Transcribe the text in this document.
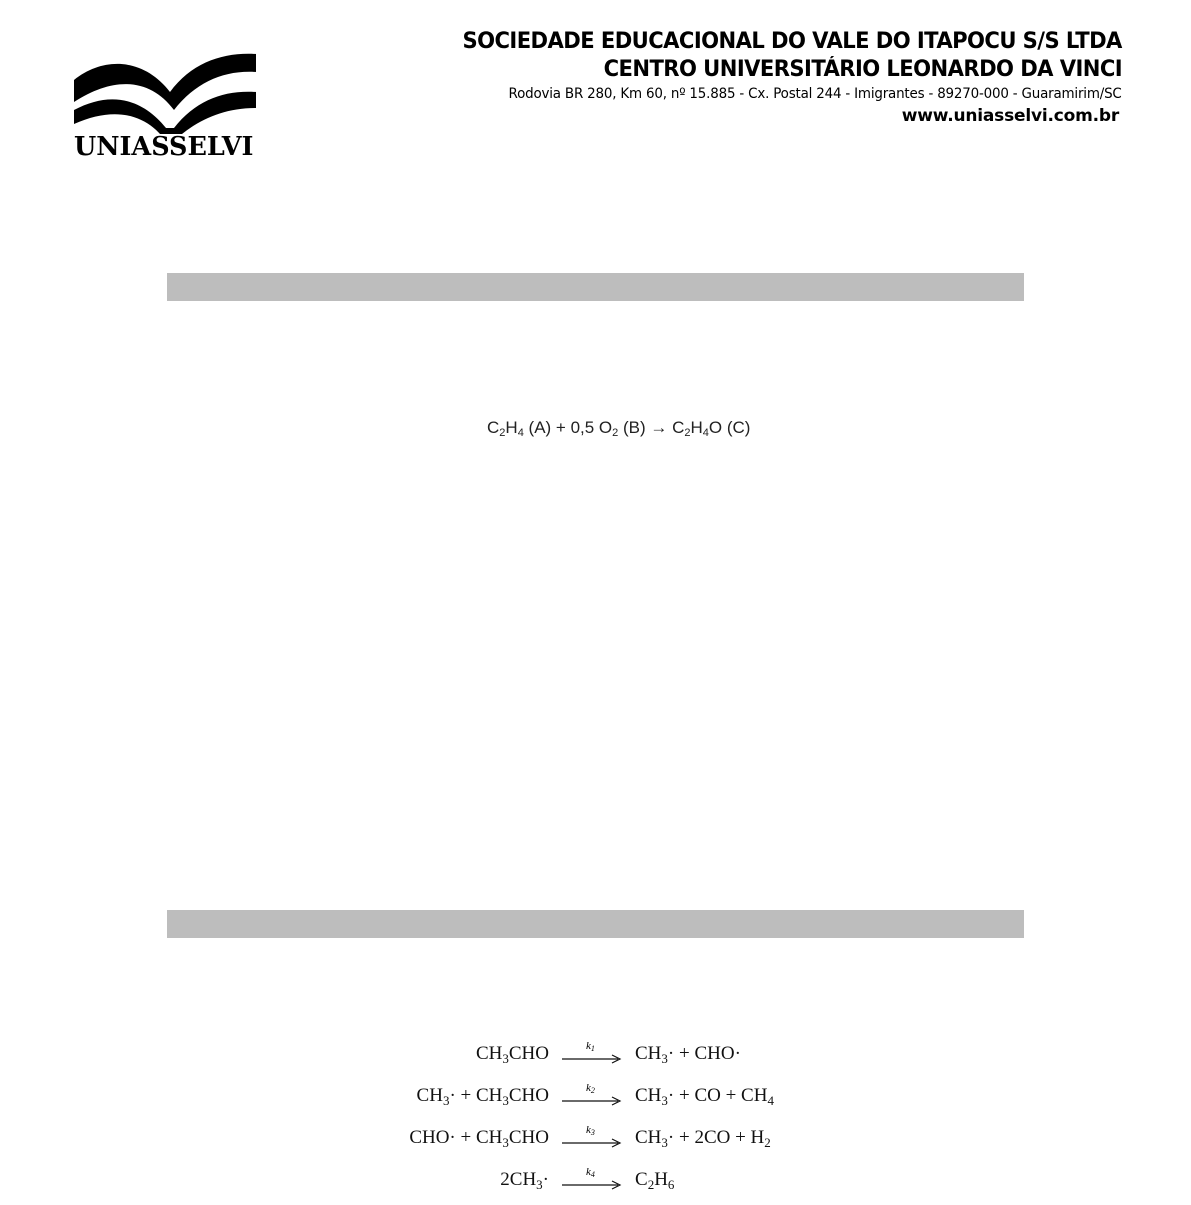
UNIASSELVI
SOCIEDADE EDUCACIONAL DO VALE DO ITAPOCU S/S LTDA
CENTRO UNIVERSITÁRIO LEONARDO DA VINCI
Rodovia BR 280, Km 60, nº 15.885 - Cx. Postal 244 - Imigrantes - 89270-000 - Guaramirim/SC
www.uniasselvi.com.br
$C_2H_4$ (A) + 0,5 $O_2$ $(B) \to C_2H_4O$ (C)
$CH_3CHO$	$k_1$ $CH_3\cdot + CHO\cdot$
$CH_3\cdot + CH_3CHO$	$k_2$ $CH_3\cdot$ + CO + $CH_4$
$CHO\cdot + CH_3CHO$	$k_3$ $CH_3\cdot + 2CO + H_2$
$2CH_3\cdot$	$k_4$ $C_2H_6$
